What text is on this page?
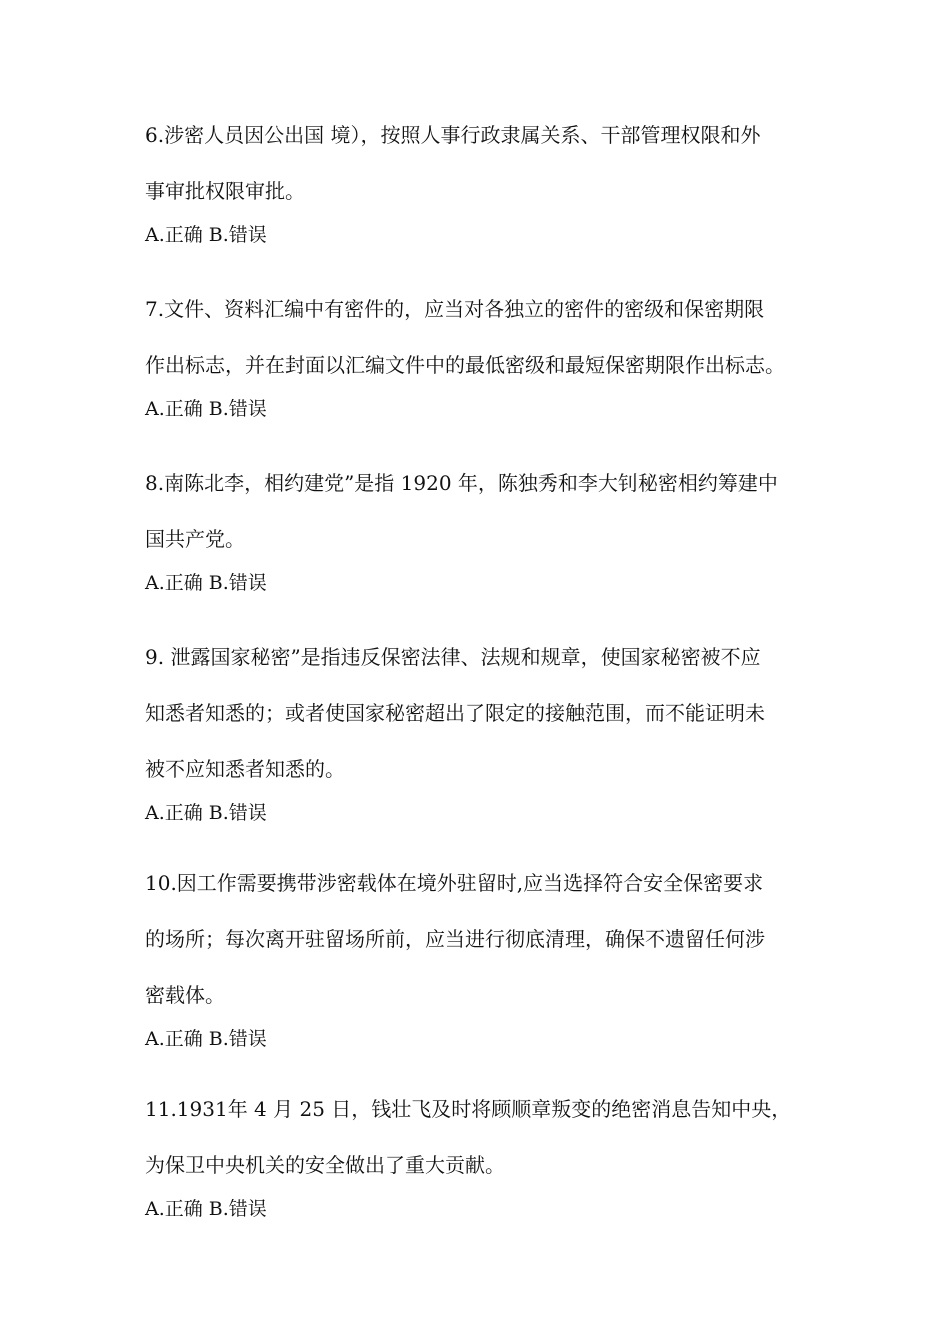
6.涉密人员因公出国 境），按照人事行政隶属关系、干部管理权限和外
事审批权限审批。
A.正确 B.错误
7.文件、资料汇编中有密件的，应当对各独立的密件的密级和保密期限
作出标志，并在封面以汇编文件中的最低密级和最短保密期限作出标志。
A.正确 B.错误
8.南陈北李，相约建党”是指 1920 年，陈独秀和李大钊秘密相约筹建中
国共产党。
A.正确 B.错误
9. 泄露国家秘密”是指违反保密法律、法规和规章，使国家秘密被不应
知悉者知悉的；或者使国家秘密超出了限定的接触范围，而不能证明未
被不应知悉者知悉的。
A.正确 B.错误
10.因工作需要携带涉密载体在境外驻留时,应当选择符合安全保密要求
的场所；每次离开驻留场所前，应当进行彻底清理，确保不遗留任何涉
密载体。
A.正确 B.错误
11.1931年 4 月 25 日，钱壮飞及时将顾顺章叛变的绝密消息告知中央，
为保卫中央机关的安全做出了重大贡献。
A.正确 B.错误
